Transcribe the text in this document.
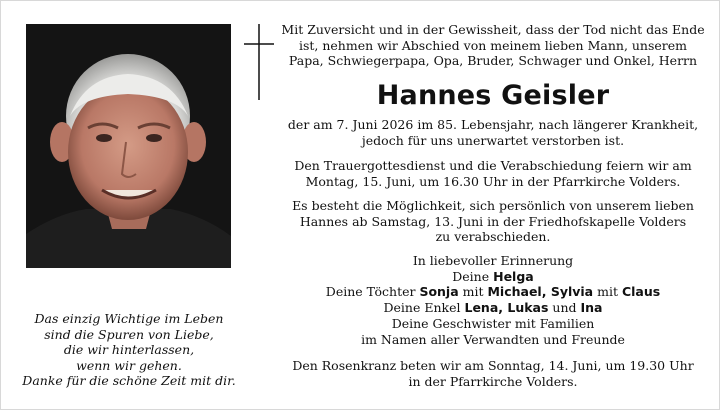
Das einzig Wichtige im Leben
sind die Spuren von Liebe,
die wir hinterlassen,
wenn wir gehen.
Danke für die schöne Zeit mit dir.
Mit Zuversicht und in der Gewissheit, dass der Tod nicht das Ende
ist, nehmen wir Abschied von meinem lieben Mann, unserem
Papa, Schwiegerpapa, Opa, Bruder, Schwager und Onkel, Herrn
Hannes Geisler
der am 7. Juni 2026 im 85. Lebensjahr, nach längerer Krankheit,
jedoch für uns unerwartet verstorben ist.
Den Trauergottesdienst und die Verabschiedung feiern wir am
Montag, 15. Juni, um 16.30 Uhr in der Pfarrkirche Volders.
Es besteht die Möglichkeit, sich persönlich von unserem lieben
Hannes ab Samstag, 13. Juni in der Friedhofskapelle Volders
zu verabschieden.
In liebevoller Erinnerung
Deine Helga
Deine Töchter Sonja mit Michael, Sylvia mit Claus
Deine Enkel Lena, Lukas und Ina
Deine Geschwister mit Familien
im Namen aller Verwandten und Freunde
Den Rosenkranz beten wir am Sonntag, 14. Juni, um 19.30 Uhr
in der Pfarrkirche Volders.
